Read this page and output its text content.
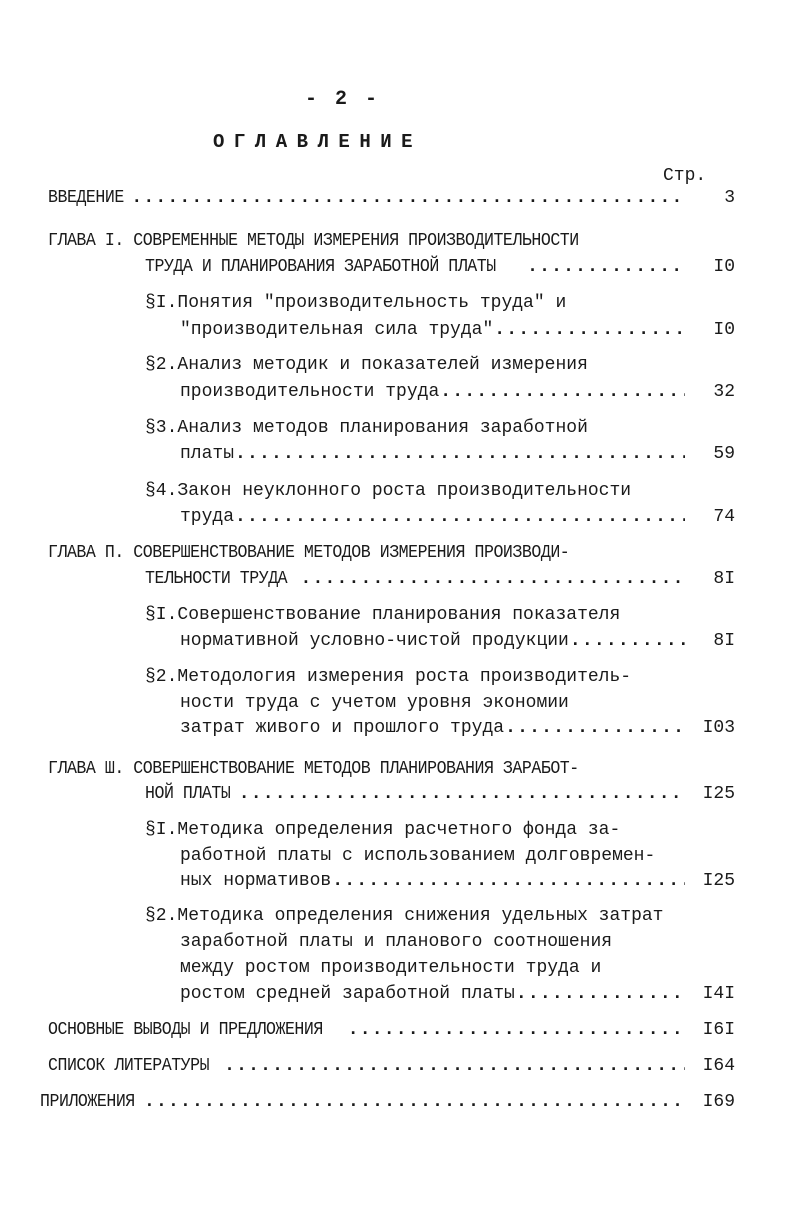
- 2 -
ОГЛАВЛЕНИЕ
Стр.
ВВЕДЕНИЕ .....	3
ГЛАВА I. СОВРЕМЕННЫЕ МЕТОДЫ ИЗМЕРЕНИЯ ПРОИЗВОДИТЕЛЬНОСТИ
ТРУДА И ПЛАНИРОВАНИЯ ЗАРАБОТНОЙ ПЛАТЫ .....	I0
§I.Понятия "производительность труда" и
"производительная сила труда" .....	I0
§2.Анализ методик и показателей измерения
производительности труда .....	32
§3.Анализ методов планирования заработной
платы .....	59
§4.Закон неуклонного роста производительности
труда .....	74
ГЛАВА П. СОВЕРШЕНСТВОВАНИЕ МЕТОДОВ ИЗМЕРЕНИЯ ПРОИЗВОДИ-
ТЕЛЬНОСТИ ТРУДА .....	8I
§I.Совершенствование планирования показателя
нормативной условно-чистой продукции .....	8I
§2.Методология измерения роста производитель-
ности труда с учетом уровня экономии
затрат живого и прошлого труда .....	I03
ГЛАВА Ш. СОВЕРШЕНСТВОВАНИЕ МЕТОДОВ ПЛАНИРОВАНИЯ ЗАРАБОТ-
НОЙ ПЛАТЫ .....	I25
§I.Методика определения расчетного фонда за-
работной платы с использованием долговремен-
ных нормативов .....	I25
§2.Методика определения снижения удельных затрат
заработной платы и планового соотношения
между ростом производительности труда и
ростом средней заработной платы .....	I4I
ОСНОВНЫЕ ВЫВОДЫ И ПРЕДЛОЖЕНИЯ .....	I6I
СПИСОК ЛИТЕРАТУРЫ .....	I64
ПРИЛОЖЕНИЯ .....	I69
